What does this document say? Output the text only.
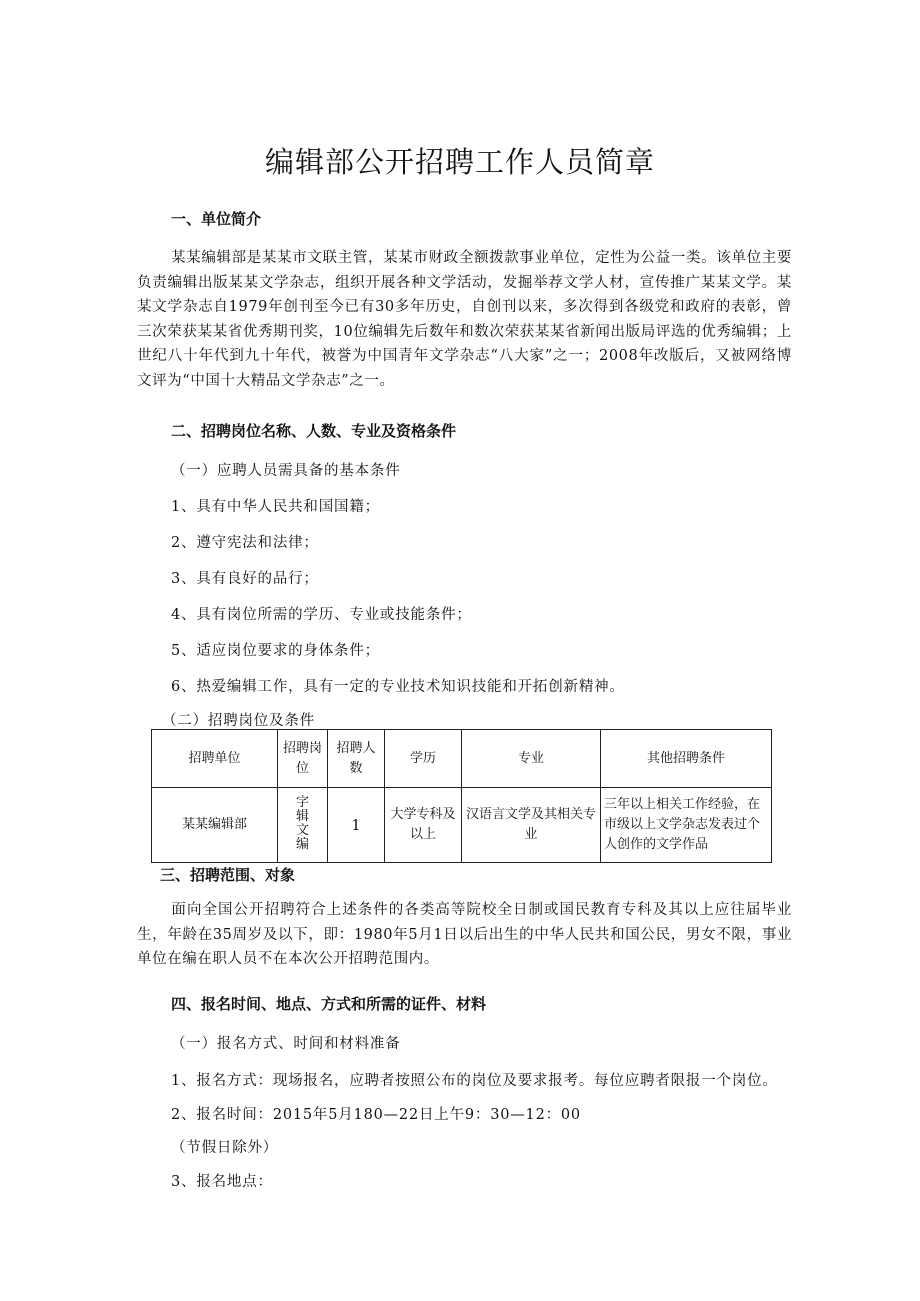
编辑部公开招聘工作人员简章
一、单位简介
某某编辑部是某某市文联主管，某某市财政全额拨款事业单位，定性为公益一类。该单位主要负责编辑出版某某文学杂志，组织开展各种文学活动，发掘举荐文学人材，宣传推广某某文学。某某文学杂志自1979年创刊至今已有30多年历史，自创刊以来，多次得到各级党和政府的表彰，曾三次荣获某某省优秀期刊奖，10位编辑先后数年和数次荣获某某省新闻出版局评选的优秀编辑；上世纪八十年代到九十年代，被誉为中国青年文学杂志“八大家”之一；2008年改版后，又被网络博文评为“中国十大精品文学杂志”之一。
二、招聘岗位名称、人数、专业及资格条件
（一）应聘人员需具备的基本条件
1、具有中华人民共和国国籍；
2、遵守宪法和法律；
3、具有良好的品行；
4、具有岗位所需的学历、专业或技能条件；
5、适应岗位要求的身体条件；
6、热爱编辑工作，具有一定的专业技术知识技能和开拓创新精神。
（二）招聘岗位及条件
招聘单位	招聘岗位	招聘人数	学历	专业	其他招聘条件
某某编辑部	字辑文编	1	大学专科及以上	汉语言文学及其相关专业	三年以上相关工作经验，在市级以上文学杂志发表过个人创作的文学作品
三、招聘范围、对象
面向全国公开招聘符合上述条件的各类高等院校全日制或国民教育专科及其以上应往届毕业生，年龄在35周岁及以下，即：1980年5月1日以后出生的中华人民共和国公民，男女不限，事业单位在编在职人员不在本次公开招聘范围内。
四、报名时间、地点、方式和所需的证件、材料
（一）报名方式、时间和材料准备
1、报名方式：现场报名，应聘者按照公布的岗位及要求报考。每位应聘者限报一个岗位。
2、报名时间：2015年5月180—22日上午9：30—12：00
（节假日除外）
3、报名地点：
